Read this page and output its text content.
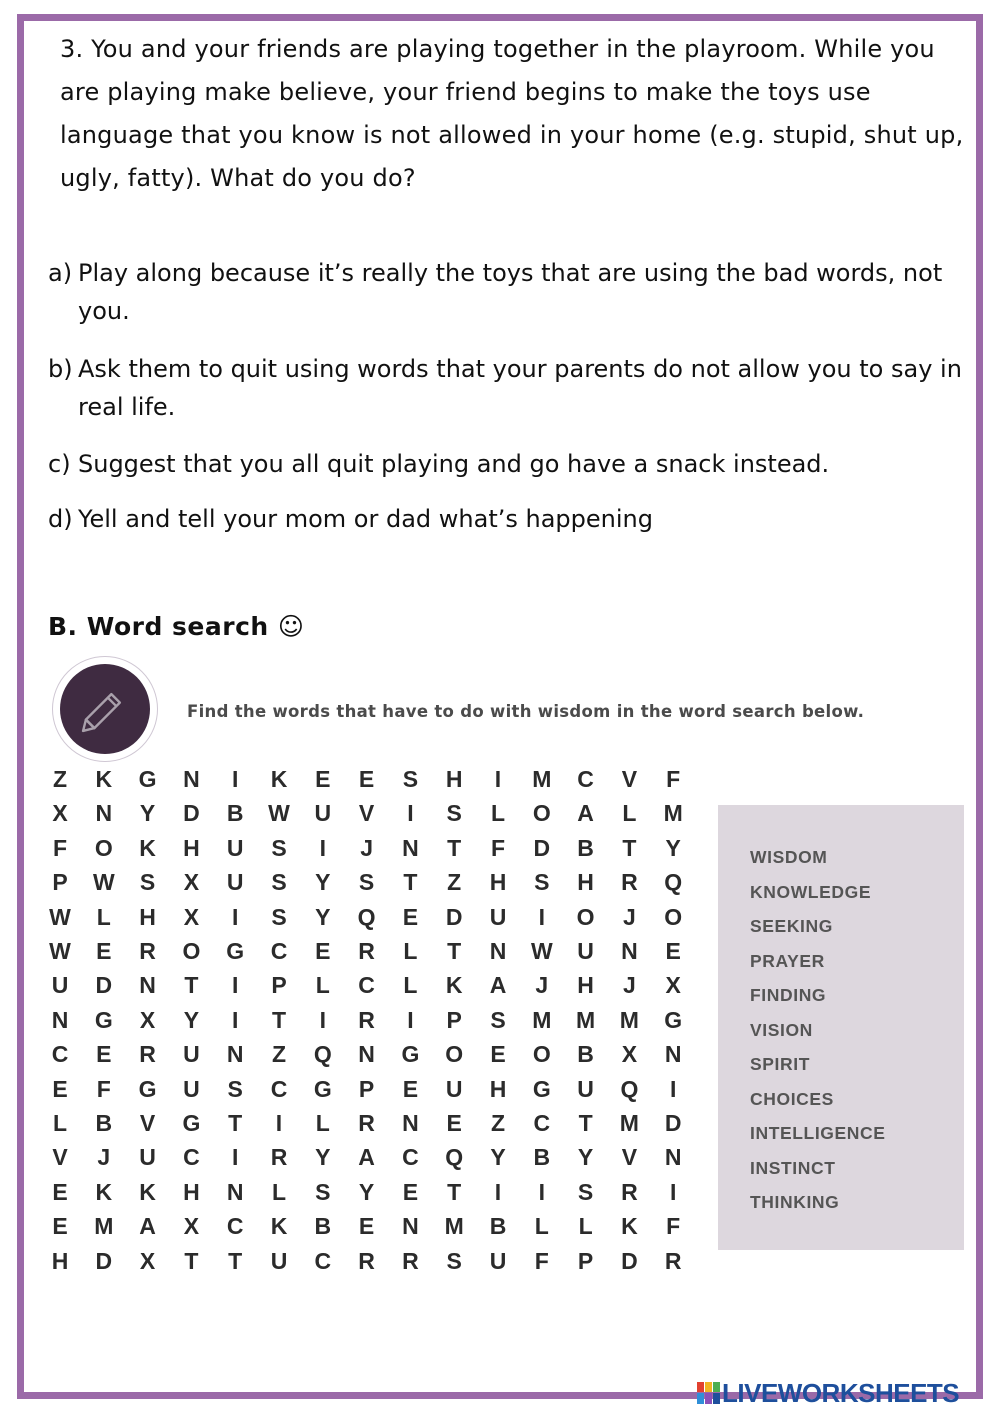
3. You and your friends are playing together in the playroom. While you are playing make believe, your friend begins to make the toys use language that you know is not allowed in your home (e.g. stupid, shut up, ugly, fatty). What do you do?
a) Play along because it’s really the toys that are using the bad words, not you.
b) Ask them to quit using words that your parents do not allow you to say in real life.
c) Suggest that you all quit playing and go have a snack instead.
d) Yell and tell your mom or dad what’s happening
B. Word search ☺
Find the words that have to do with wisdom in the word search below.
Z	K	G	N	I	K	E	E	S	H	I	M	C	V	F
X	N	Y	D	B	W	U	V	I	S	L	O	A	L	M
F	O	K	H	U	S	I	J	N	T	F	D	B	T	Y
P	W	S	X	U	S	Y	S	T	Z	H	S	H	R	Q
W	L	H	X	I	S	Y	Q	E	D	U	I	O	J	O
W	E	R	O	G	C	E	R	L	T	N	W	U	N	E
U	D	N	T	I	P	L	C	L	K	A	J	H	J	X
N	G	X	Y	I	T	I	R	I	P	S	M	M	M	G
C	E	R	U	N	Z	Q	N	G	O	E	O	B	X	N
E	F	G	U	S	C	G	P	E	U	H	G	U	Q	I
L	B	V	G	T	I	L	R	N	E	Z	C	T	M	D
V	J	U	C	I	R	Y	A	C	Q	Y	B	Y	V	N
E	K	K	H	N	L	S	Y	E	T	I	I	S	R	I
E	M	A	X	C	K	B	E	N	M	B	L	L	K	F
H	D	X	T	T	U	C	R	R	S	U	F	P	D	R
WISDOM
KNOWLEDGE
SEEKING
PRAYER
FINDING
VISION
SPIRIT
CHOICES
INTELLIGENCE
INSTINCT
THINKING
LIVEWORKSHEETS
